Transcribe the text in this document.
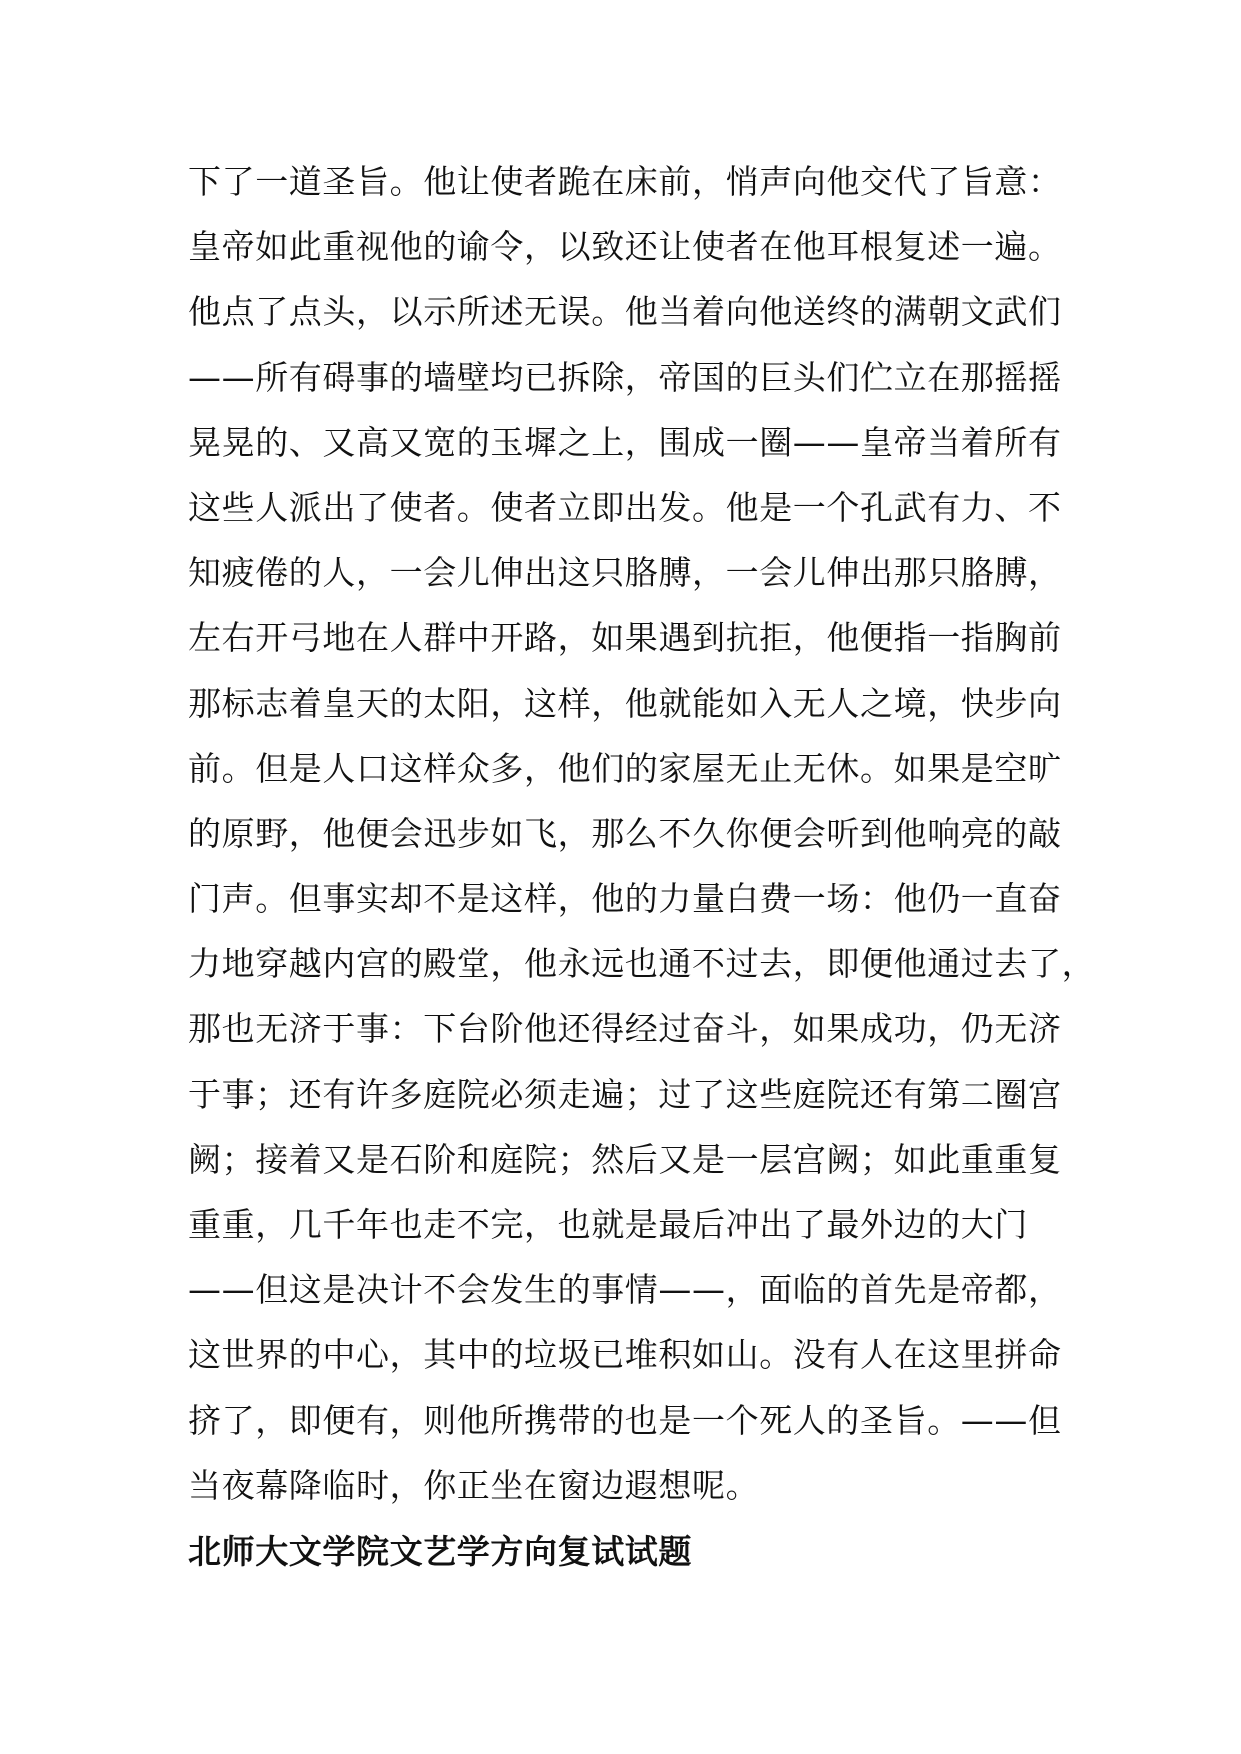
下了一道圣旨。他让使者跪在床前，悄声向他交代了旨意：
皇帝如此重视他的谕令，以致还让使者在他耳根复述一遍。
他点了点头，以示所述无误。他当着向他送终的满朝文武们
——所有碍事的墙壁均已拆除，帝国的巨头们伫立在那摇摇
晃晃的、又高又宽的玉墀之上，围成一圈——皇帝当着所有
这些人派出了使者。使者立即出发。他是一个孔武有力、不
知疲倦的人，一会儿伸出这只胳膊，一会儿伸出那只胳膊，
左右开弓地在人群中开路，如果遇到抗拒，他便指一指胸前
那标志着皇天的太阳，这样，他就能如入无人之境，快步向
前。但是人口这样众多，他们的家屋无止无休。如果是空旷
的原野，他便会迅步如飞，那么不久你便会听到他响亮的敲
门声。但事实却不是这样，他的力量白费一场：他仍一直奋
力地穿越内宫的殿堂，他永远也通不过去，即便他通过去了，
那也无济于事：下台阶他还得经过奋斗，如果成功，仍无济
于事；还有许多庭院必须走遍；过了这些庭院还有第二圈宫
阙；接着又是石阶和庭院；然后又是一层宫阙；如此重重复
重重，几千年也走不完，也就是最后冲出了最外边的大门
——但这是决计不会发生的事情——，面临的首先是帝都，
这世界的中心，其中的垃圾已堆积如山。没有人在这里拼命
挤了，即便有，则他所携带的也是一个死人的圣旨。——但
当夜幕降临时，你正坐在窗边遐想呢。
北师大文学院文艺学方向复试试题
